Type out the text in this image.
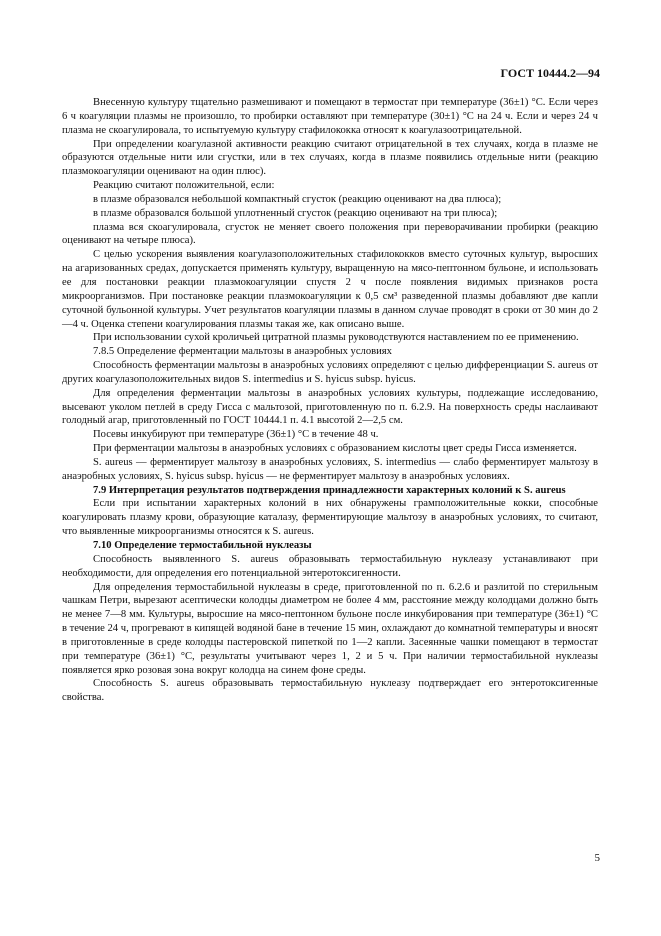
ГОСТ 10444.2—94

Внесенную культуру тщательно размешивают и помещают в термостат при температуре (36±1) °С. Если через 6 ч коагуляции плазмы не произошло, то пробирки оставляют при температуре (30±1) °С на 24 ч. Если и через 24 ч плазма не скоагулировала, то испытуемую культуру стафилококка относят к коагулазоотрицательной.

При определении коагулазной активности реакцию считают отрицательной в тех случаях, когда в плазме не образуются отдельные нити или сгустки, или в тех случаях, когда в плазме появились отдельные нити (реакцию плазмокоагуляции оценивают на один плюс).

Реакцию считают положительной, если:

в плазме образовался небольшой компактный сгусток (реакцию оценивают на два плюса);

в плазме образовался большой уплотненный сгусток (реакцию оценивают на три плюса);

плазма вся скоагулировала, сгусток не меняет своего положения при переворачивании пробирки (реакцию оценивают на четыре плюса).

С целью ускорения выявления коагулазоположительных стафилококков вместо суточных культур, выросших на агаризованных средах, допускается применять культуру, выращенную на мясо-пептонном бульоне, и использовать ее для постановки реакции плазмокоагуляции спустя 2 ч после появления видимых признаков роста микроорганизмов. При постановке реакции плазмокоагуляции к 0,5 см³ разведенной плазмы добавляют две капли суточной бульонной культуры. Учет результатов коагуляции плазмы в данном случае проводят в сроки от 30 мин до 2—4 ч. Оценка степени коагулирования плазмы такая же, как описано выше.

При использовании сухой кроличьей цитратной плазмы руководствуются наставлением по ее применению.

7.8.5 Определение ферментации мальтозы в анаэробных условиях

Способность ферментации мальтозы в анаэробных условиях определяют с целью дифференциации S. aureus от других коагулазоположительных видов S. intermedius и S. hyicus subsp. hyicus.

Для определения ферментации мальтозы в анаэробных условиях культуры, подлежащие исследованию, высевают уколом петлей в среду Гисса с мальтозой, приготовленную по п. 6.2.9. На поверхность среды наслаивают голодный агар, приготовленный по ГОСТ 10444.1 п. 4.1 высотой 2—2,5 см.

Посевы инкубируют при температуре (36±1) °С в течение 48 ч.

При ферментации мальтозы в анаэробных условиях с образованием кислоты цвет среды Гисса изменяется.

S. aureus — ферментирует мальтозу в анаэробных условиях, S. intermedius — слабо ферментирует мальтозу в анаэробных условиях, S. hyicus subsp. hyicus — не ферментирует мальтозу в анаэробных условиях.

7.9 Интерпретация результатов подтверждения принадлежности характерных колоний к S. aureus

Если при испытании характерных колоний в них обнаружены грамположительные кокки, способные коагулировать плазму крови, образующие каталазу, ферментирующие мальтозу в анаэробных условиях, то считают, что выявленные микроорганизмы относятся к S. aureus.

7.10 Определение термостабильной нуклеазы

Способность выявленного S. aureus образовывать термостабильную нуклеазу устанавливают при необходимости, для определения его потенциальной энтеротоксигенности.

Для определения термостабильной нуклеазы в среде, приготовленной по п. 6.2.6 и разлитой по стерильным чашкам Петри, вырезают асептически колодцы диаметром не более 4 мм, расстояние между колодцами должно быть не менее 7—8 мм. Культуры, выросшие на мясо-пептонном бульоне после инкубирования при температуре (36±1) °С в течение 24 ч, прогревают в кипящей водяной бане в течение 15 мин, охлаждают до комнатной температуры и вносят в приготовленные в среде колодцы пастеровской пипеткой по 1—2 капли. Засеянные чашки помещают в термостат при температуре (36±1) °С, результаты учитывают через 1, 2 и 5 ч. При наличии термостабильной нуклеазы появляется ярко розовая зона вокруг колодца на синем фоне среды.

Способность S. aureus образовывать термостабильную нуклеазу подтверждает его энтеротоксигенные свойства.

5
